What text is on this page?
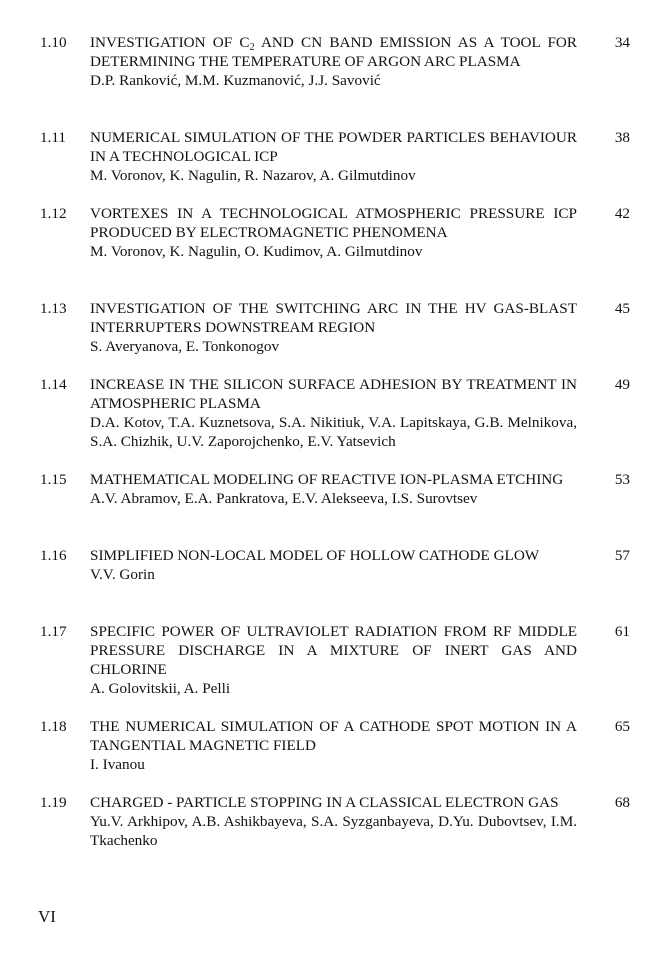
1.10 INVESTIGATION OF $C_2$ AND CN BAND EMISSION AS A TOOL FOR DETERMINING THE TEMPERATURE OF ARGON ARC PLASMA
D.P. Ranković, M.M. Kuzmanović, J.J. Savović
34
1.11 NUMERICAL SIMULATION OF THE POWDER PARTICLES BEHAVIOUR IN A TECHNOLOGICAL ICP
M. Voronov, K. Nagulin, R. Nazarov, A. Gilmutdinov
38
1.12 VORTEXES IN A TECHNOLOGICAL ATMOSPHERIC PRESSURE ICP PRODUCED BY ELECTROMAGNETIC PHENOMENA
M. Voronov, K. Nagulin, O. Kudimov, A. Gilmutdinov
42
1.13 INVESTIGATION OF THE SWITCHING ARC IN THE HV GAS-BLAST INTERRUPTERS DOWNSTREAM REGION
S. Averyanova, E. Tonkonogov
45
1.14 INCREASE IN THE SILICON SURFACE ADHESION BY TREATMENT IN ATMOSPHERIC PLASMA
D.A. Kotov, T.A. Kuznetsova, S.A. Nikitiuk, V.A. Lapitskaya, G.B. Melnikova, S.A. Chizhik, U.V. Zaporojchenko, E.V. Yatsevich
49
1.15 MATHEMATICAL MODELING OF REACTIVE ION-PLASMA ETCHING
A.V. Abramov, E.A. Pankratova, E.V. Alekseeva, I.S. Surovtsev
53
1.16 SIMPLIFIED NON-LOCAL MODEL OF HOLLOW CATHODE GLOW
V.V. Gorin
57
1.17 SPECIFIC POWER OF ULTRAVIOLET RADIATION FROM RF MIDDLE PRESSURE DISCHARGE IN A MIXTURE OF INERT GAS AND CHLORINE
A. Golovitskii, A. Pelli
61
1.18 THE NUMERICAL SIMULATION OF A CATHODE SPOT MOTION IN A TANGENTIAL MAGNETIC FIELD
I. Ivanou
65
1.19 CHARGED - PARTICLE STOPPING IN A CLASSICAL ELECTRON GAS
Yu.V. Arkhipov, A.B. Ashikbayeva, S.A. Syzganbayeva, D.Yu. Dubovtsev, I.M. Tkachenko
68
VI
